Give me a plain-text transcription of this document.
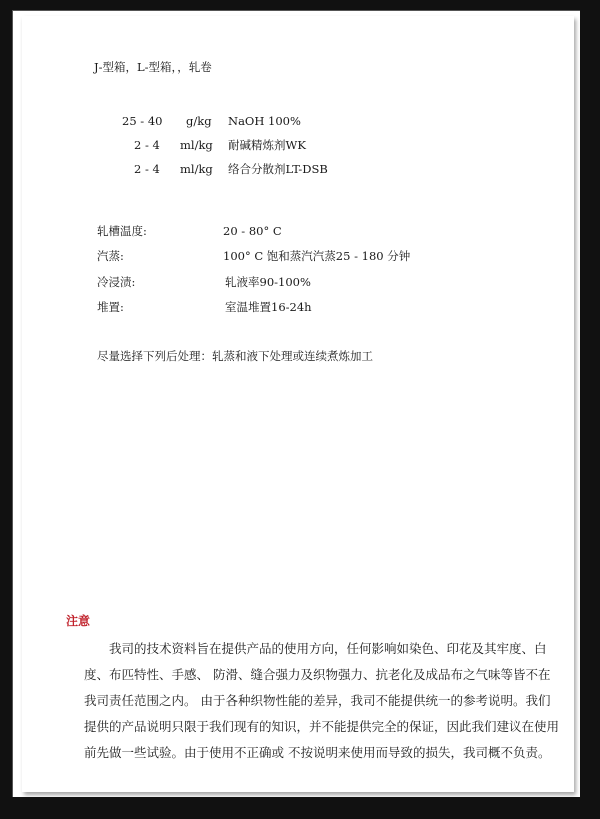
J-型箱，L-型箱，，轧卷
25 - 40 g/kg NaOH 100%
2 - 4 ml/kg 耐碱精炼剂WK
2 - 4 ml/kg 络合分散剂LT-DSB
轧槽温度:	20 - 80° C
汽蒸:	100° C 饱和蒸汽汽蒸25 - 180 分钟
冷浸渍:	轧液率90-100%
堆置:	室温堆置16-24h
尽量选择下列后处理：轧蒸和液下处理或连续煮炼加工
注意

我司的技术资料旨在提供产品的使用方向，任何影响如染色、印花及其牢度、白度、布匹特性、手感、 防滑、缝合强力及织物强力、抗老化及成品布之气味等皆不在我司责任范围之内。 由于各种织物性能的差异，我司不能提供统一的参考说明。我们提供的产品说明只限于我们现有的知识，并不能提供完全的保证，因此我们建议在使用前先做一些试验。由于使用不正确或 不按说明来使用而导致的损失，我司概不负责。
